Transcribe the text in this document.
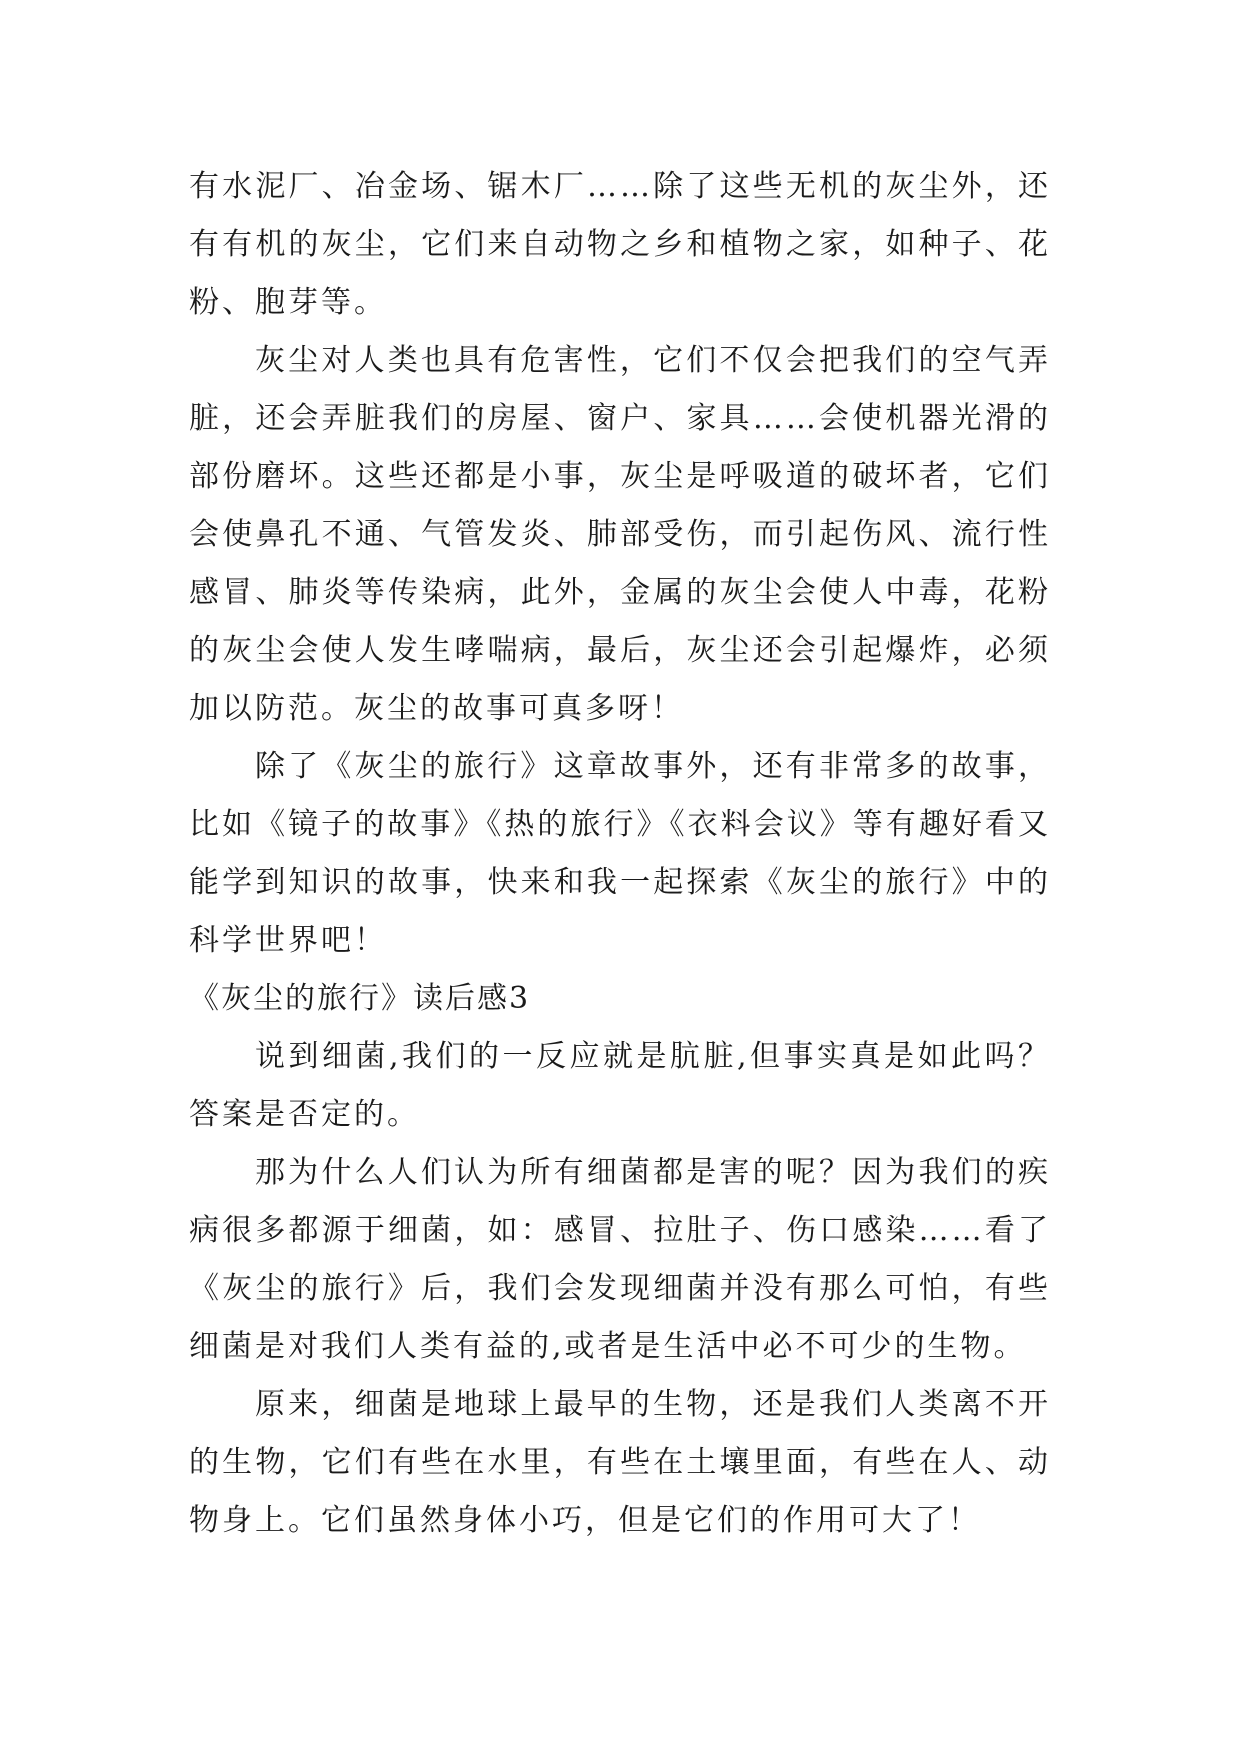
有水泥厂、冶金场、锯木厂……除了这些无机的灰尘外，还有有机的灰尘，它们来自动物之乡和植物之家，如种子、花粉、胞芽等。

灰尘对人类也具有危害性，它们不仅会把我们的空气弄脏，还会弄脏我们的房屋、窗户、家具……会使机器光滑的部份磨坏。这些还都是小事，灰尘是呼吸道的破坏者，它们会使鼻孔不通、气管发炎、肺部受伤，而引起伤风、流行性感冒、肺炎等传染病，此外，金属的灰尘会使人中毒，花粉的灰尘会使人发生哮喘病，最后，灰尘还会引起爆炸，必须加以防范。灰尘的故事可真多呀！

除了《灰尘的旅行》这章故事外，还有非常多的故事，比如《镜子的故事》《热的旅行》《衣料会议》等有趣好看又能学到知识的故事，快来和我一起探索《灰尘的旅行》中的科学世界吧！

《灰尘的旅行》读后感3

说到细菌,我们的一反应就是肮脏,但事实真是如此吗？答案是否定的。

那为什么人们认为所有细菌都是害的呢？因为我们的疾病很多都源于细菌，如：感冒、拉肚子、伤口感染……看了《灰尘的旅行》后，我们会发现细菌并没有那么可怕，有些细菌是对我们人类有益的,或者是生活中必不可少的生物。

原来，细菌是地球上最早的生物，还是我们人类离不开的生物，它们有些在水里，有些在土壤里面，有些在人、动物身上。它们虽然身体小巧，但是它们的作用可大了！
